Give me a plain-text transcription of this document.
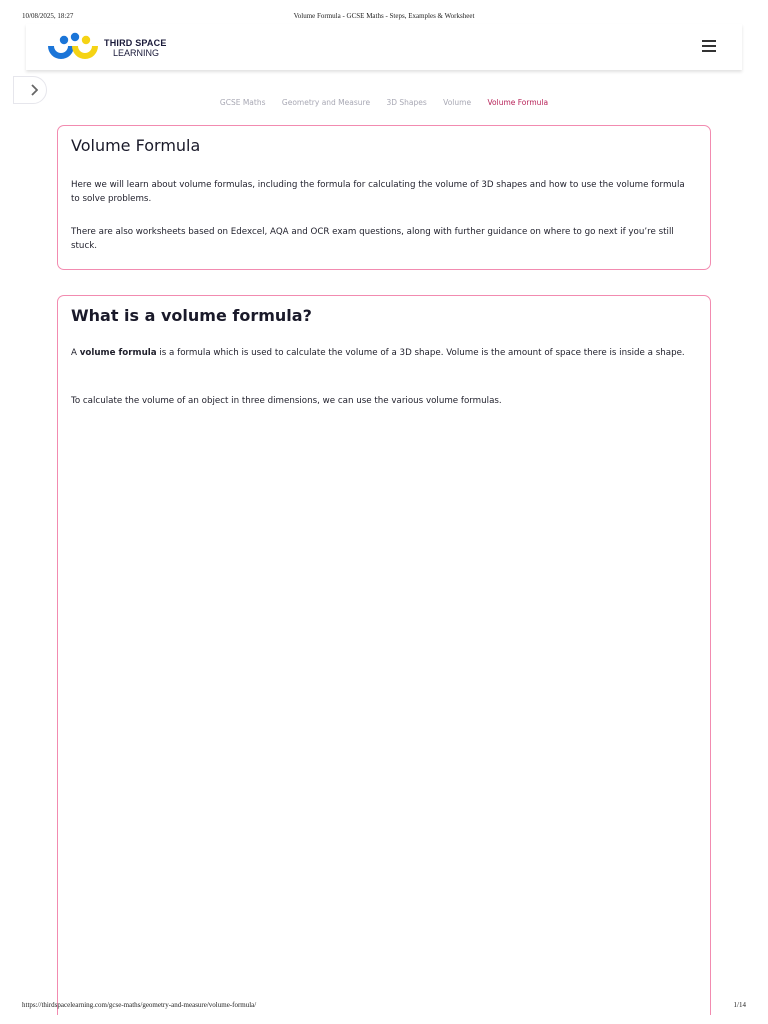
10/08/2025, 18:27	Volume Formula - GCSE Maths - Steps, Examples & Worksheet
THIRD SPACE
LEARNING
GCSE Maths Geometry and Measure 3D Shapes Volume Volume Formula
Volume Formula

Here we will learn about volume formulas, including the formula for calculating the volume of 3D shapes and how to use the volume formula to solve problems.

There are also worksheets based on Edexcel, AQA and OCR exam questions, along with further guidance on where to go next if you’re still stuck.

What is a volume formula?

A volume formula is a formula which is used to calculate the volume of a 3D shape. Volume is the amount of space there is inside a shape.

To calculate the volume of an object in three dimensions, we can use the various volume formulas.

https://thirdspacelearning.com/gcse-maths/geometry-and-measure/volume-formula/	1/14
